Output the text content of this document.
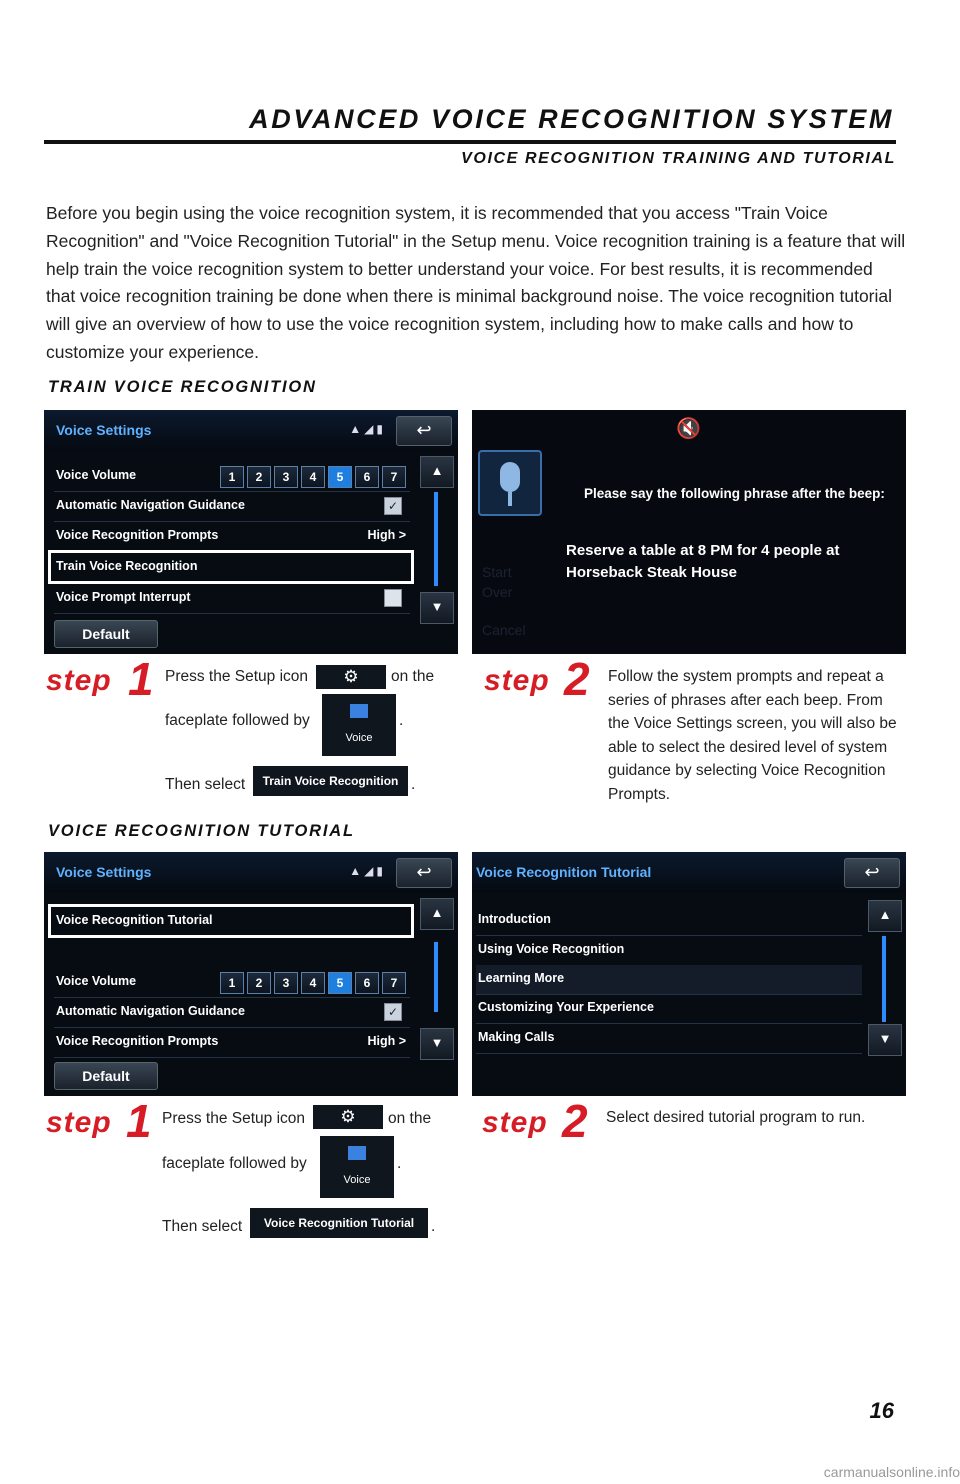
ADVANCED VOICE RECOGNITION SYSTEM
VOICE RECOGNITION TRAINING AND TUTORIAL
Before you begin using the voice recognition system, it is recommended that you access "Train Voice Recognition" and "Voice Recognition Tutorial" in the Setup menu. Voice recognition training is a feature that will help train the voice recognition system to better understand your voice. For best results, it is recommended that voice recognition training be done when there is minimal background noise. The voice recognition tutorial will give an overview of how to use the voice recognition system, including how to make calls and how to customize your experience.
TRAIN VOICE RECOGNITION
Voice Settings	▲◢▮	↩
Voice Volume	1	2	3	4	5	6	7
Automatic Navigation Guidance	✓
Voice Recognition Prompts	High >
Train Voice Recognition
Voice Prompt Interrupt
▲
▼
Default
🔇
Start
Over
Cancel
Please say the following phrase after the beep:
Reserve a table at 8 PM for 4 people at
Horseback Steak House
step 1 Press the Setup icon	⚙	on the
faceplate followed by
Voice
.
Then select	Train Voice Recognition .
step 2 Follow the system prompts and repeat a series of phrases after each beep. From the Voice Settings screen, you will also be able to select the desired level of system guidance by selecting Voice Recognition Prompts.
VOICE RECOGNITION TUTORIAL
Voice Settings	▲◢▮	↩
Voice Recognition Tutorial
Voice Volume	1	2	3	4	5	6	7
Automatic Navigation Guidance	✓
Voice Recognition Prompts	High >
▲
▼
Default
Voice Recognition Tutorial	↩
Introduction
Using Voice Recognition
Learning More
Customizing Your Experience
Making Calls
▲
▼
step 1 Press the Setup icon	⚙	on the
faceplate followed by
Voice
.
Then select	Voice Recognition Tutorial	.
step 2 Select desired tutorial program to run.
16
carmanualsonline.info
